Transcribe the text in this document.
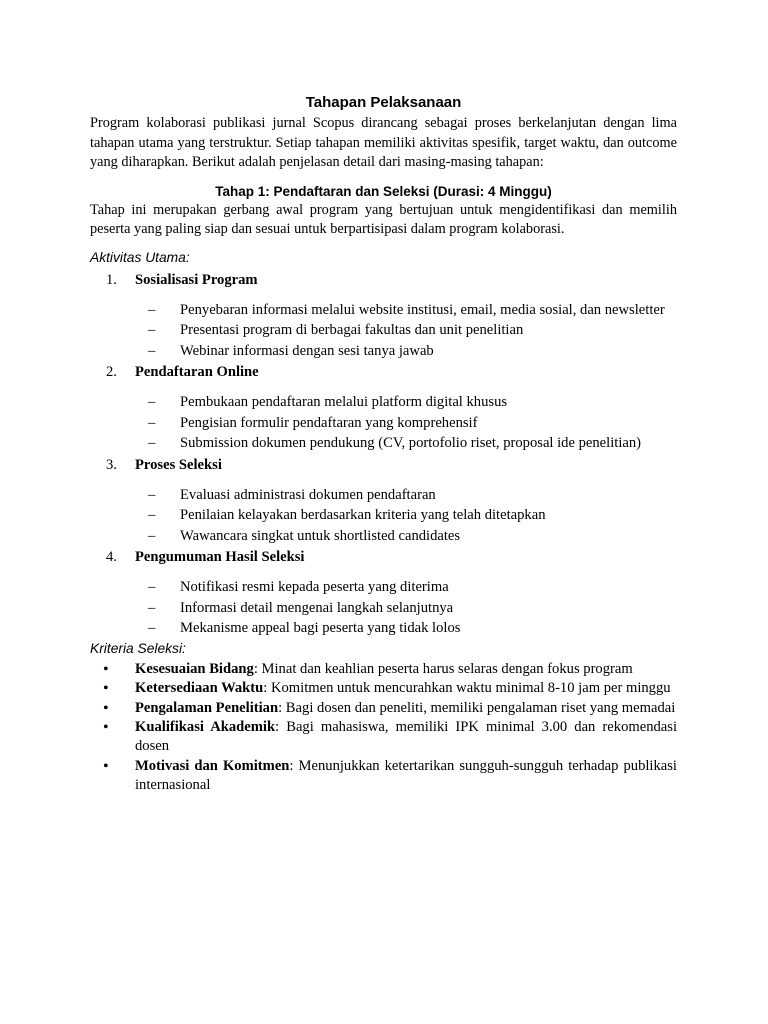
Tahapan Pelaksanaan

Program kolaborasi publikasi jurnal Scopus dirancang sebagai proses berkelanjutan dengan lima tahapan utama yang terstruktur. Setiap tahapan memiliki aktivitas spesifik, target waktu, dan outcome yang diharapkan. Berikut adalah penjelasan detail dari masing-masing tahapan:

Tahap 1: Pendaftaran dan Seleksi (Durasi: 4 Minggu)

Tahap ini merupakan gerbang awal program yang bertujuan untuk mengidentifikasi dan memilih peserta yang paling siap dan sesuai untuk berpartisipasi dalam program kolaborasi.

Aktivitas Utama:

1.	Sosialisasi Program
–	Penyebaran informasi melalui website institusi, email, media sosial, dan newsletter
–	Presentasi program di berbagai fakultas dan unit penelitian
–	Webinar informasi dengan sesi tanya jawab
2.	Pendaftaran Online
–	Pembukaan pendaftaran melalui platform digital khusus
–	Pengisian formulir pendaftaran yang komprehensif
–	Submission dokumen pendukung (CV, portofolio riset, proposal ide penelitian)
3.	Proses Seleksi
–	Evaluasi administrasi dokumen pendaftaran
–	Penilaian kelayakan berdasarkan kriteria yang telah ditetapkan
–	Wawancara singkat untuk shortlisted candidates
4.	Pengumuman Hasil Seleksi
–	Notifikasi resmi kepada peserta yang diterima
–	Informasi detail mengenai langkah selanjutnya
–	Mekanisme appeal bagi peserta yang tidak lolos

Kriteria Seleksi:

•	Kesesuaian Bidang: Minat dan keahlian peserta harus selaras dengan fokus program
•	Ketersediaan Waktu: Komitmen untuk mencurahkan waktu minimal 8-10 jam per minggu
•	Pengalaman Penelitian: Bagi dosen dan peneliti, memiliki pengalaman riset yang memadai
•	Kualifikasi Akademik: Bagi mahasiswa, memiliki IPK minimal 3.00 dan rekomendasi dosen
•	Motivasi dan Komitmen: Menunjukkan ketertarikan sungguh-sungguh terhadap publikasi internasional
